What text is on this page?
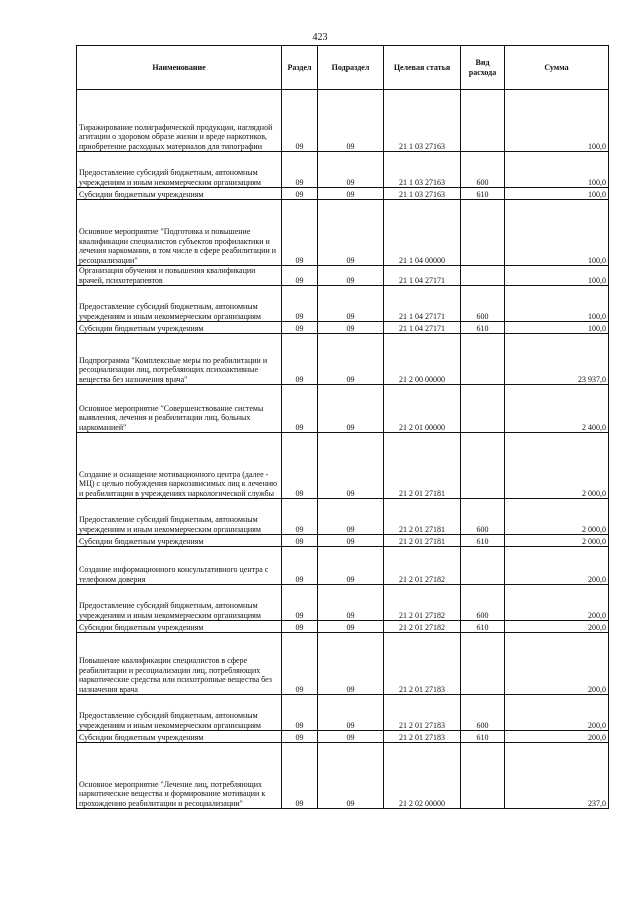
423
Наименование	Раздел	Подраздел	Целевая статья	Вид расхода	Сумма
Тиражирование полиграфической продукции, наглядной агитации о здоровом образе жизни и вреде наркотиков, приобретение расходных материалов для типографии	09	09	21 1 03 27163		100,0
Предоставление субсидий бюджетным, автономным учреждениям и иным некоммерческим организациям	09	09	21 1 03 27163	600	100,0
Субсидии бюджетным учреждениям	09	09	21 1 03 27163	610	100,0
Основное мероприятие "Подготовка и повышение квалификации специалистов субъектов профилактики и лечения наркомании, в том числе в сфере реабилитации и ресоциализации"	09	09	21 1 04 00000		100,0
Организация обучения и повышения квалификации врачей, психотерапевтов	09	09	21 1 04 27171		100,0
Предоставление субсидий бюджетным, автономным учреждениям и иным некоммерческим организациям	09	09	21 1 04 27171	600	100,0
Субсидии бюджетным учреждениям	09	09	21 1 04 27171	610	100,0
Подпрограмма "Комплексные меры по реабилитации и ресоциализации лиц, потребляющих психоактивные вещества без назначения врача"	09	09	21 2 00 00000		23 937,0
Основное мероприятие "Совершенствование системы выявления, лечения и реабилитации лиц, больных наркоманией"	09	09	21 2 01 00000		2 400,0
Создание и оснащение мотивационного центра (далее - МЦ) с целью побуждения наркозависимых лиц к лечению и реабилитации в учреждениях наркологической службы	09	09	21 2 01 27181		2 000,0
Предоставление субсидий бюджетным, автономным учреждениям и иным некоммерческим организациям	09	09	21 2 01 27181	600	2 000,0
Субсидии бюджетным учреждениям	09	09	21 2 01 27181	610	2 000,0
Создание информационного консультативного центра с телефоном доверия	09	09	21 2 01 27182		200,0
Предоставление субсидий бюджетным, автономным учреждениям и иным некоммерческим организациям	09	09	21 2 01 27182	600	200,0
Субсидии бюджетным учреждениям	09	09	21 2 01 27182	610	200,0
Повышение квалификации специалистов в сфере реабилитации и ресоциализации лиц, потребляющих наркотические средства или психотропные вещества без назначения врача	09	09	21 2 01 27183		200,0
Предоставление субсидий бюджетным, автономным учреждениям и иным некоммерческим организациям	09	09	21 2 01 27183	600	200,0
Субсидии бюджетным учреждениям	09	09	21 2 01 27183	610	200,0
Основное мероприятие "Лечение лиц, потребляющих наркотические вещества и формирование мотивации к прохождению реабилитации и ресоциализации"	09	09	21 2 02 00000		237,0
